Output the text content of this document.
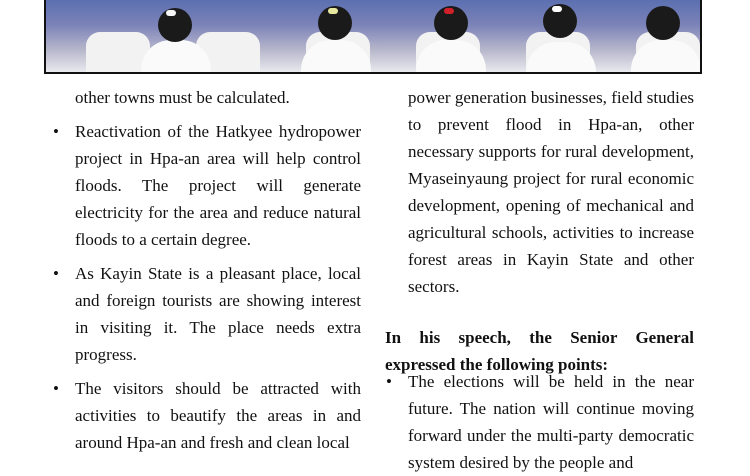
other towns must be calculated.

• Reactivation of the Hatkyee hydropower project in Hpa-an area will help control floods. The project will generate electricity for the area and reduce natural floods to a certain degree.

• As Kayin State is a pleasant place, local and foreign tourists are showing interest in visiting it. The place needs extra progress.

• The visitors should be attracted with activities to beautify the areas in and around Hpa-an and fresh and clean local

power generation businesses, field studies to prevent flood in Hpa-an, other necessary supports for rural development, Myaseinyaung project for rural economic development, opening of mechanical and agricultural schools, activities to increase forest areas in Kayin State and other sectors.

In his speech, the Senior General expressed the following points:

• The elections will be held in the near future. The nation will continue moving forward under the multi-party democratic system desired by the people and
